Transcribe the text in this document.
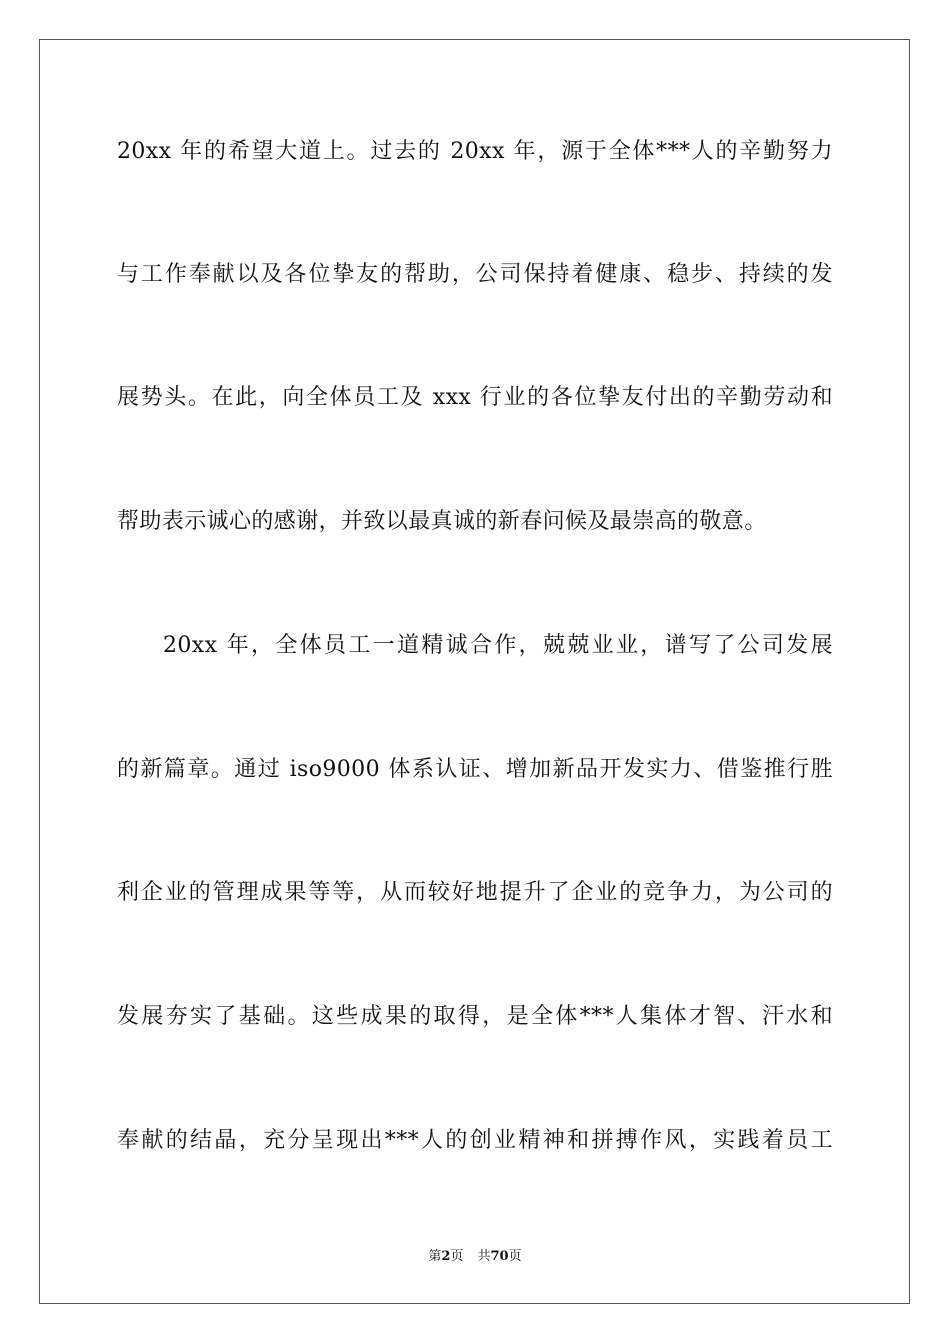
20xx 年的希望大道上。过去的 20xx 年，源于全体***人的辛勤努力
与工作奉献以及各位挚友的帮助，公司保持着健康、稳步、持续的发
展势头。在此，向全体员工及 xxx 行业的各位挚友付出的辛勤劳动和
帮助表示诚心的感谢，并致以最真诚的新春问候及最崇高的敬意。
20xx 年，全体员工一道精诚合作，兢兢业业，谱写了公司发展
的新篇章。通过 iso9000 体系认证、增加新品开发实力、借鉴推行胜
利企业的管理成果等等，从而较好地提升了企业的竞争力，为公司的
发展夯实了基础。这些成果的取得，是全体***人集体才智、汗水和
奉献的结晶，充分呈现出***人的创业精神和拼搏作风，实践着员工
第2页 共70页
